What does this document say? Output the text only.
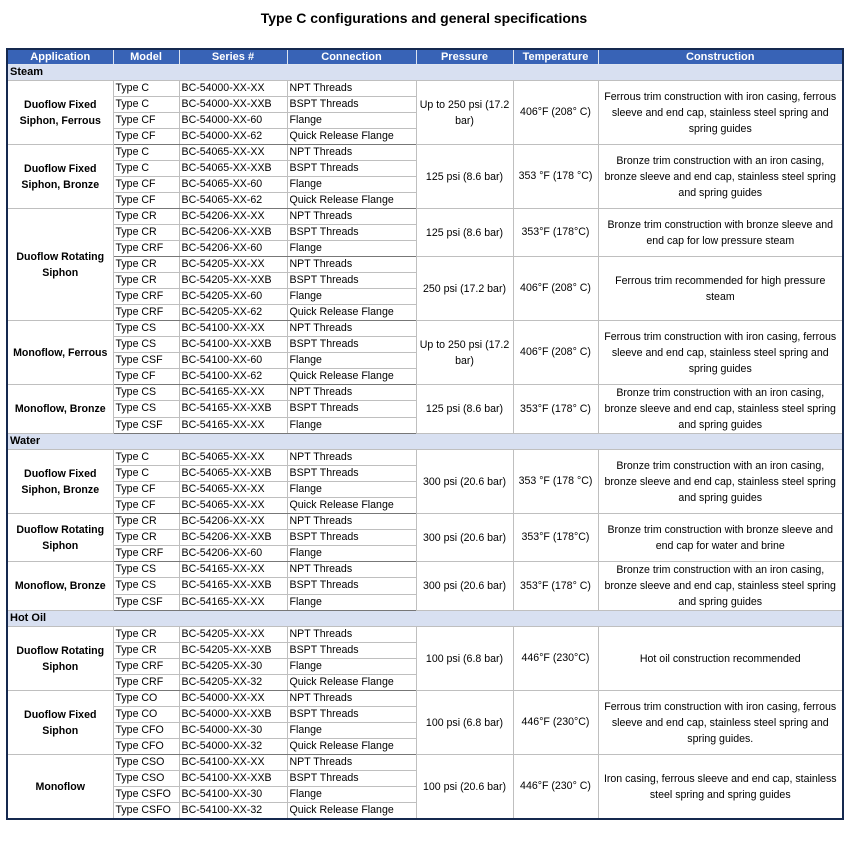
Type C configurations and general specifications
Application	Model	Series #	Connection	Pressure	Temperature	Construction
Steam						
Duoflow Fixed Siphon, Ferrous	Type C	BC-54000-XX-XX	NPT Threads	Up to 250 psi (17.2 bar)	406°F (208° C)	Ferrous trim construction with iron casing, ferrous sleeve and end cap, stainless steel spring and spring guides
	Type C	BC-54000-XX-XXB	BSPT Threads			
	Type CF	BC-54000-XX-60	Flange			
	Type CF	BC-54000-XX-62	Quick Release Flange			
Duoflow Fixed Siphon, Bronze	Type C	BC-54065-XX-XX	NPT Threads	125 psi (8.6 bar)	353 °F (178 °C)	Bronze trim construction with an iron casing, bronze sleeve and end cap, stainless steel spring and spring guides
	Type C	BC-54065-XX-XXB	BSPT Threads			
	Type CF	BC-54065-XX-60	Flange			
	Type CF	BC-54065-XX-62	Quick Release Flange			
Duoflow Rotating Siphon	Type CR	BC-54206-XX-XX	NPT Threads	125 psi (8.6 bar)	353°F (178°C)	Bronze trim construction with bronze sleeve and end cap for low pressure steam
	Type CR	BC-54206-XX-XXB	BSPT Threads			
	Type CRF	BC-54206-XX-60	Flange			
	Type CR	BC-54205-XX-XX	NPT Threads	250 psi (17.2 bar)	406°F (208° C)	Ferrous trim recommended for high pressure steam
	Type CR	BC-54205-XX-XXB	BSPT Threads			
	Type CRF	BC-54205-XX-60	Flange			
	Type CRF	BC-54205-XX-62	Quick Release Flange			
Monoflow, Ferrous	Type CS	BC-54100-XX-XX	NPT Threads	Up to 250 psi (17.2 bar)	406°F (208° C)	Ferrous trim construction with iron casing, ferrous sleeve and end cap, stainless steel spring and spring guides
	Type CS	BC-54100-XX-XXB	BSPT Threads			
	Type CSF	BC-54100-XX-60	Flange			
	Type CF	BC-54100-XX-62	Quick Release Flange			
Monoflow, Bronze	Type CS	BC-54165-XX-XX	NPT Threads	125 psi (8.6 bar)	353°F (178° C)	Bronze trim construction with an iron casing, bronze sleeve and end cap, stainless steel spring and spring guides
	Type CS	BC-54165-XX-XXB	BSPT Threads			
	Type CSF	BC-54165-XX-XX	Flange			
Water						
Duoflow Fixed Siphon, Bronze	Type C	BC-54065-XX-XX	NPT Threads	300 psi (20.6 bar)	353 °F (178 °C)	Bronze trim construction with an iron casing, bronze sleeve and end cap, stainless steel spring and spring guides
	Type C	BC-54065-XX-XXB	BSPT Threads			
	Type CF	BC-54065-XX-XX	Flange			
	Type CF	BC-54065-XX-XX	Quick Release Flange			
Duoflow Rotating Siphon	Type CR	BC-54206-XX-XX	NPT Threads	300 psi (20.6 bar)	353°F (178°C)	Bronze trim construction with bronze sleeve and end cap for water and brine
	Type CR	BC-54206-XX-XXB	BSPT Threads			
	Type CRF	BC-54206-XX-60	Flange			
Monoflow, Bronze	Type CS	BC-54165-XX-XX	NPT Threads	300 psi (20.6 bar)	353°F (178° C)	Bronze trim construction with an iron casing, bronze sleeve and end cap, stainless steel spring and spring guides
	Type CS	BC-54165-XX-XXB	BSPT Threads			
	Type CSF	BC-54165-XX-XX	Flange			
Hot Oil						
Duoflow Rotating Siphon	Type CR	BC-54205-XX-XX	NPT Threads	100 psi (6.8 bar)	446°F (230°C)	Hot oil construction recommended
	Type CR	BC-54205-XX-XXB	BSPT Threads			
	Type CRF	BC-54205-XX-30	Flange			
	Type CRF	BC-54205-XX-32	Quick Release Flange			
Duoflow Fixed Siphon	Type CO	BC-54000-XX-XX	NPT Threads	100 psi (6.8 bar)	446°F (230°C)	Ferrous trim construction with iron casing, ferrous sleeve and end cap, stainless steel spring and spring guides.
	Type CO	BC-54000-XX-XXB	BSPT Threads			
	Type CFO	BC-54000-XX-30	Flange			
	Type CFO	BC-54000-XX-32	Quick Release Flange			
Monoflow	Type CSO	BC-54100-XX-XX	NPT Threads	100 psi (20.6 bar)	446°F (230° C)	Iron casing, ferrous sleeve and end cap, stainless steel spring and spring guides
	Type CSO	BC-54100-XX-XXB	BSPT Threads			
	Type CSFO	BC-54100-XX-30	Flange			
	Type CSFO	BC-54100-XX-32	Quick Release Flange			
